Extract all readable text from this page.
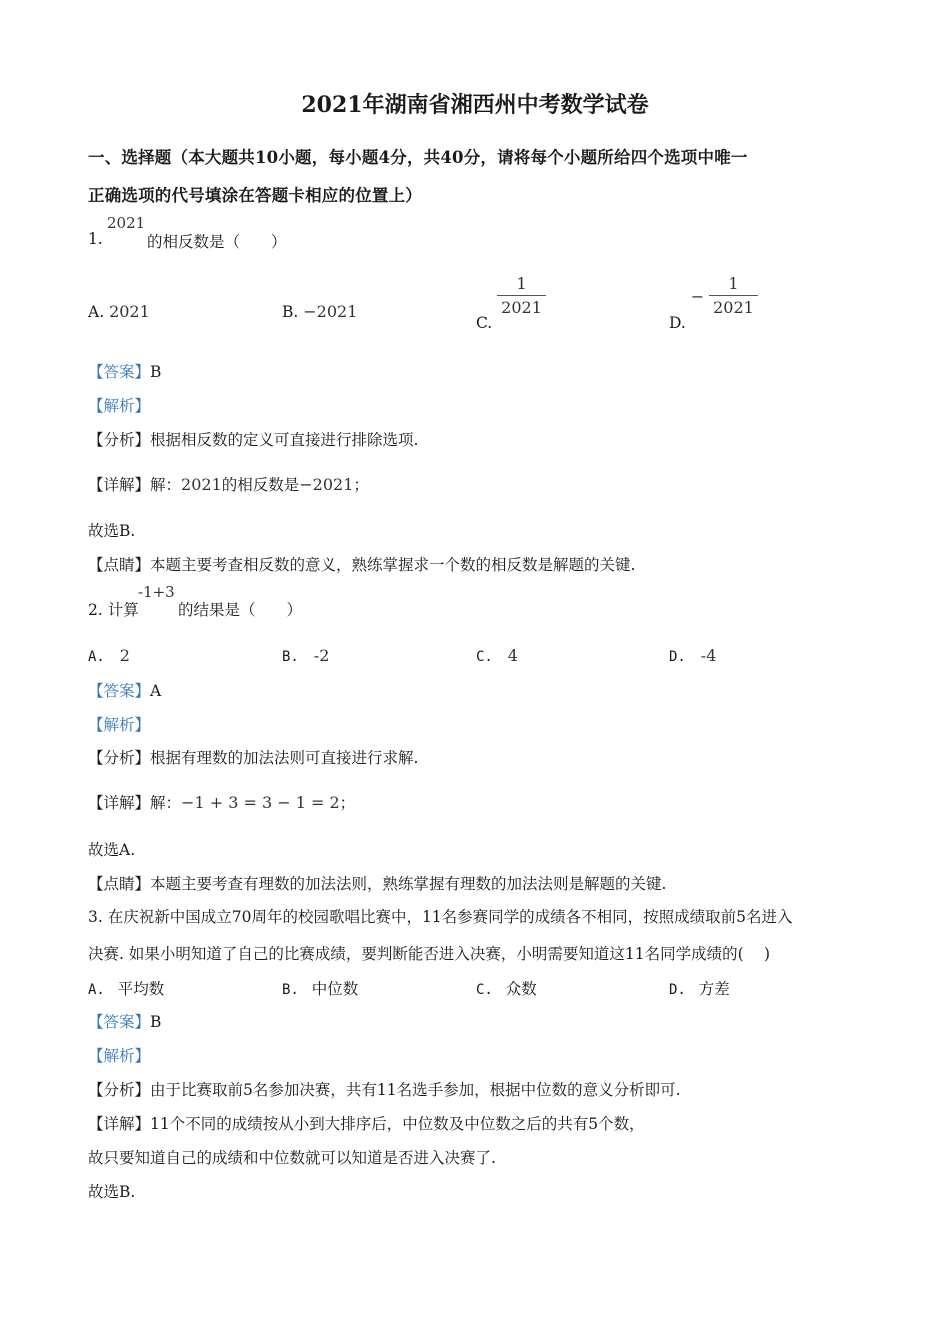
2021年湖南省湘西州中考数学试卷
一、选择题（本大题共10小题，每小题4分，共40分，请将每个小题所给四个选项中唯一
正确选项的代号填涂在答题卡相应的位置上）
1.
2021
的相反数是（　　）
A. 2021	B. −2021
C.
$\frac{1}{2021}$
D. − $\frac{1}{2021}$
【答案】B
【解析】
【分析】根据相反数的定义可直接进行排除选项.
【详解】解：2021的相反数是−2021；
故选B.
【点睛】本题主要考查相反数的意义，熟练掌握求一个数的相反数是解题的关键.
2. 计算
-1+3
的结果是（　　）
A. 2	B. -2	C. 4	D. -4
【答案】A
【解析】
【分析】根据有理数的加法法则可直接进行求解.
【详解】解：−1 + 3 = 3 − 1 = 2；
故选A.
【点睛】本题主要考查有理数的加法法则，熟练掌握有理数的加法法则是解题的关键.
3. 在庆祝新中国成立70周年的校园歌唱比赛中，11名参赛同学的成绩各不相同，按照成绩取前5名进入
决赛. 如果小明知道了自己的比赛成绩，要判断能否进入决赛，小明需要知道这11名同学成绩的(　 )
A. 平均数	B. 中位数	C. 众数	D. 方差
【答案】B
【解析】
【分析】由于比赛取前5名参加决赛，共有11名选手参加，根据中位数的意义分析即可.
【详解】11个不同的成绩按从小到大排序后，中位数及中位数之后的共有5个数，
故只要知道自己的成绩和中位数就可以知道是否进入决赛了.
故选B.
